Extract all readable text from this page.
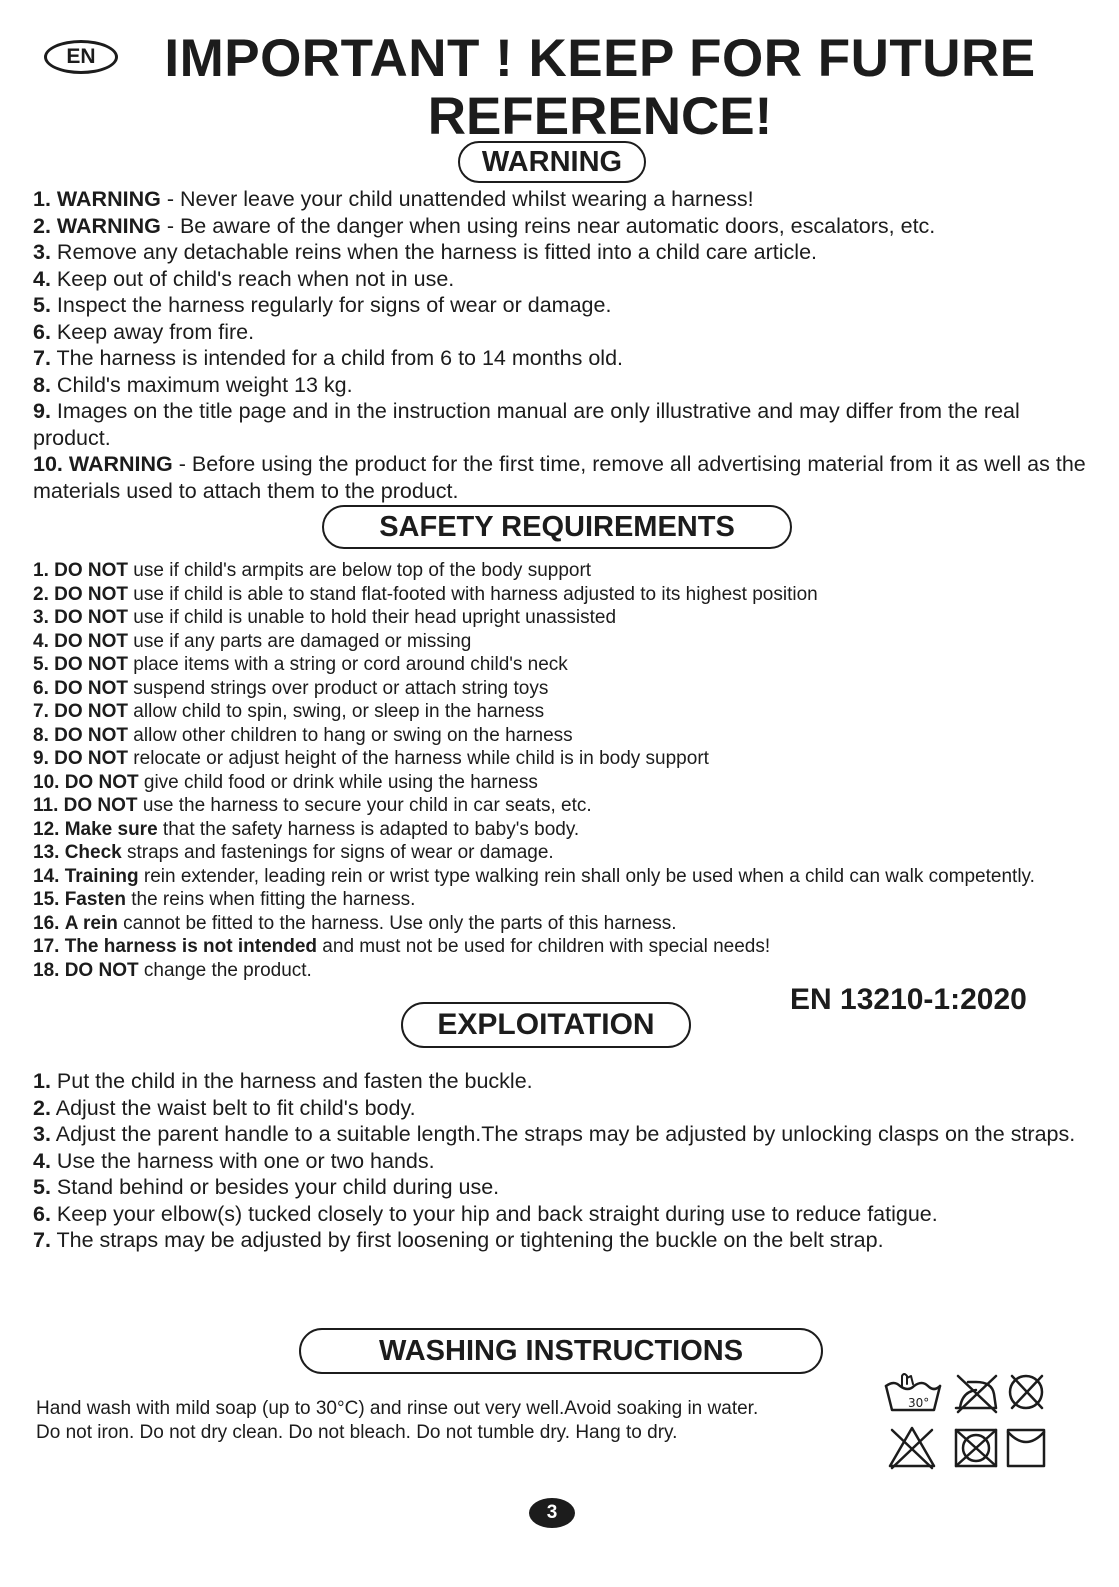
EN	IMPORTANT ! KEEP FOR FUTURE
REFERENCE!
WARNING
1. WARNING - Never leave your child unattended whilst wearing a harness!
2. WARNING - Be aware of the danger when using reins near automatic doors, escalators, etc.
3. Remove any detachable reins when the harness is fitted into a child care article.
4. Keep out of child's reach when not in use.
5. Inspect the harness regularly for signs of wear or damage.
6. Keep away from fire.
7. The harness is intended for a child from 6 to 14 months old.
8. Child's maximum weight 13 kg.
9. Images on the title page and in the instruction manual are only illustrative and may differ from the real product.
10. WARNING - Before using the product for the first time, remove all advertising material from it as well as the materials used to attach them to the product.
SAFETY REQUIREMENTS
1. DO NOT use if child's armpits are below top of the body support
2. DO NOT use if child is able to stand flat-footed with harness adjusted to its highest position
3. DO NOT use if child is unable to hold their head upright unassisted
4. DO NOT use if any parts are damaged or missing
5. DO NOT place items with a string or cord around child's neck
6. DO NOT suspend strings over product or attach string toys
7. DO NOT allow child to spin, swing, or sleep in the harness
8. DO NOT allow other children to hang or swing on the harness
9. DO NOT relocate or adjust height of the harness while child is in body support
10. DO NOT give child food or drink while using the harness
11. DO NOT use the harness to secure your child in car seats, etc.
12. Make sure that the safety harness is adapted to baby's body.
13. Check straps and fastenings for signs of wear or damage.
14. Training rein extender, leading rein or wrist type walking rein shall only be used when a child can walk competently.
15. Fasten the reins when fitting the harness.
16. A rein cannot be fitted to the harness. Use only the parts of this harness.
17. The harness is not intended and must not be used for children with special needs!
18. DO NOT change the product.
EN 13210-1:2020
EXPLOITATION
1. Put the child in the harness and fasten the buckle.
2. Adjust the waist belt to fit child's body.
3. Adjust the parent handle to a suitable length.The straps may be adjusted by unlocking clasps on the straps.
4. Use the harness with one or two hands.
5. Stand behind or besides your child during use.
6. Keep your elbow(s) tucked closely to your hip and back straight during use to reduce fatigue.
7. The straps may be adjusted by first loosening or tightening the buckle on the belt strap.
WASHING INSTRUCTIONS
Hand wash with mild soap (up to 30°C) and rinse out very well.Avoid soaking in water.
Do not iron. Do not dry clean. Do not bleach. Do not tumble dry. Hang to dry.
30°
3
